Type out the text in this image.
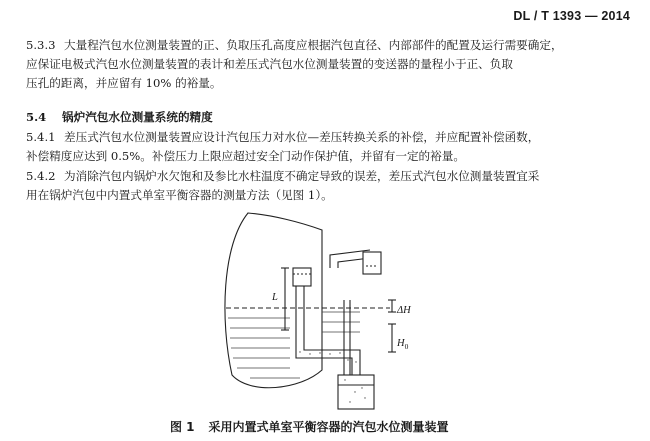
DL / T 1393 — 2014
5.3.3 大量程汽包水位测量装置的正、负取压孔高度应根据汽包直径、内部部件的配置及运行需要确定，
应保证电极式汽包水位测量装置的表计和差压式汽包水位测量装置的变送器的量程小于正、负取
压孔的距离，并应留有 10% 的裕量。
5.4 锅炉汽包水位测量系统的精度
5.4.1 差压式汽包水位测量装置应设计汽包压力对水位—差压转换关系的补偿，并应配置补偿函数，
补偿精度应达到 0.5%。补偿压力上限应超过安全门动作保护值，并留有一定的裕量。
5.4.2 为消除汽包内锅炉水欠饱和及参比水柱温度不确定导致的误差，差压式汽包水位测量装置宜采
用在锅炉汽包中内置式单室平衡容器的测量方法（见图 1）。
L
ΔH
$H_0$
图 1 采用内置式单室平衡容器的汽包水位测量装置
